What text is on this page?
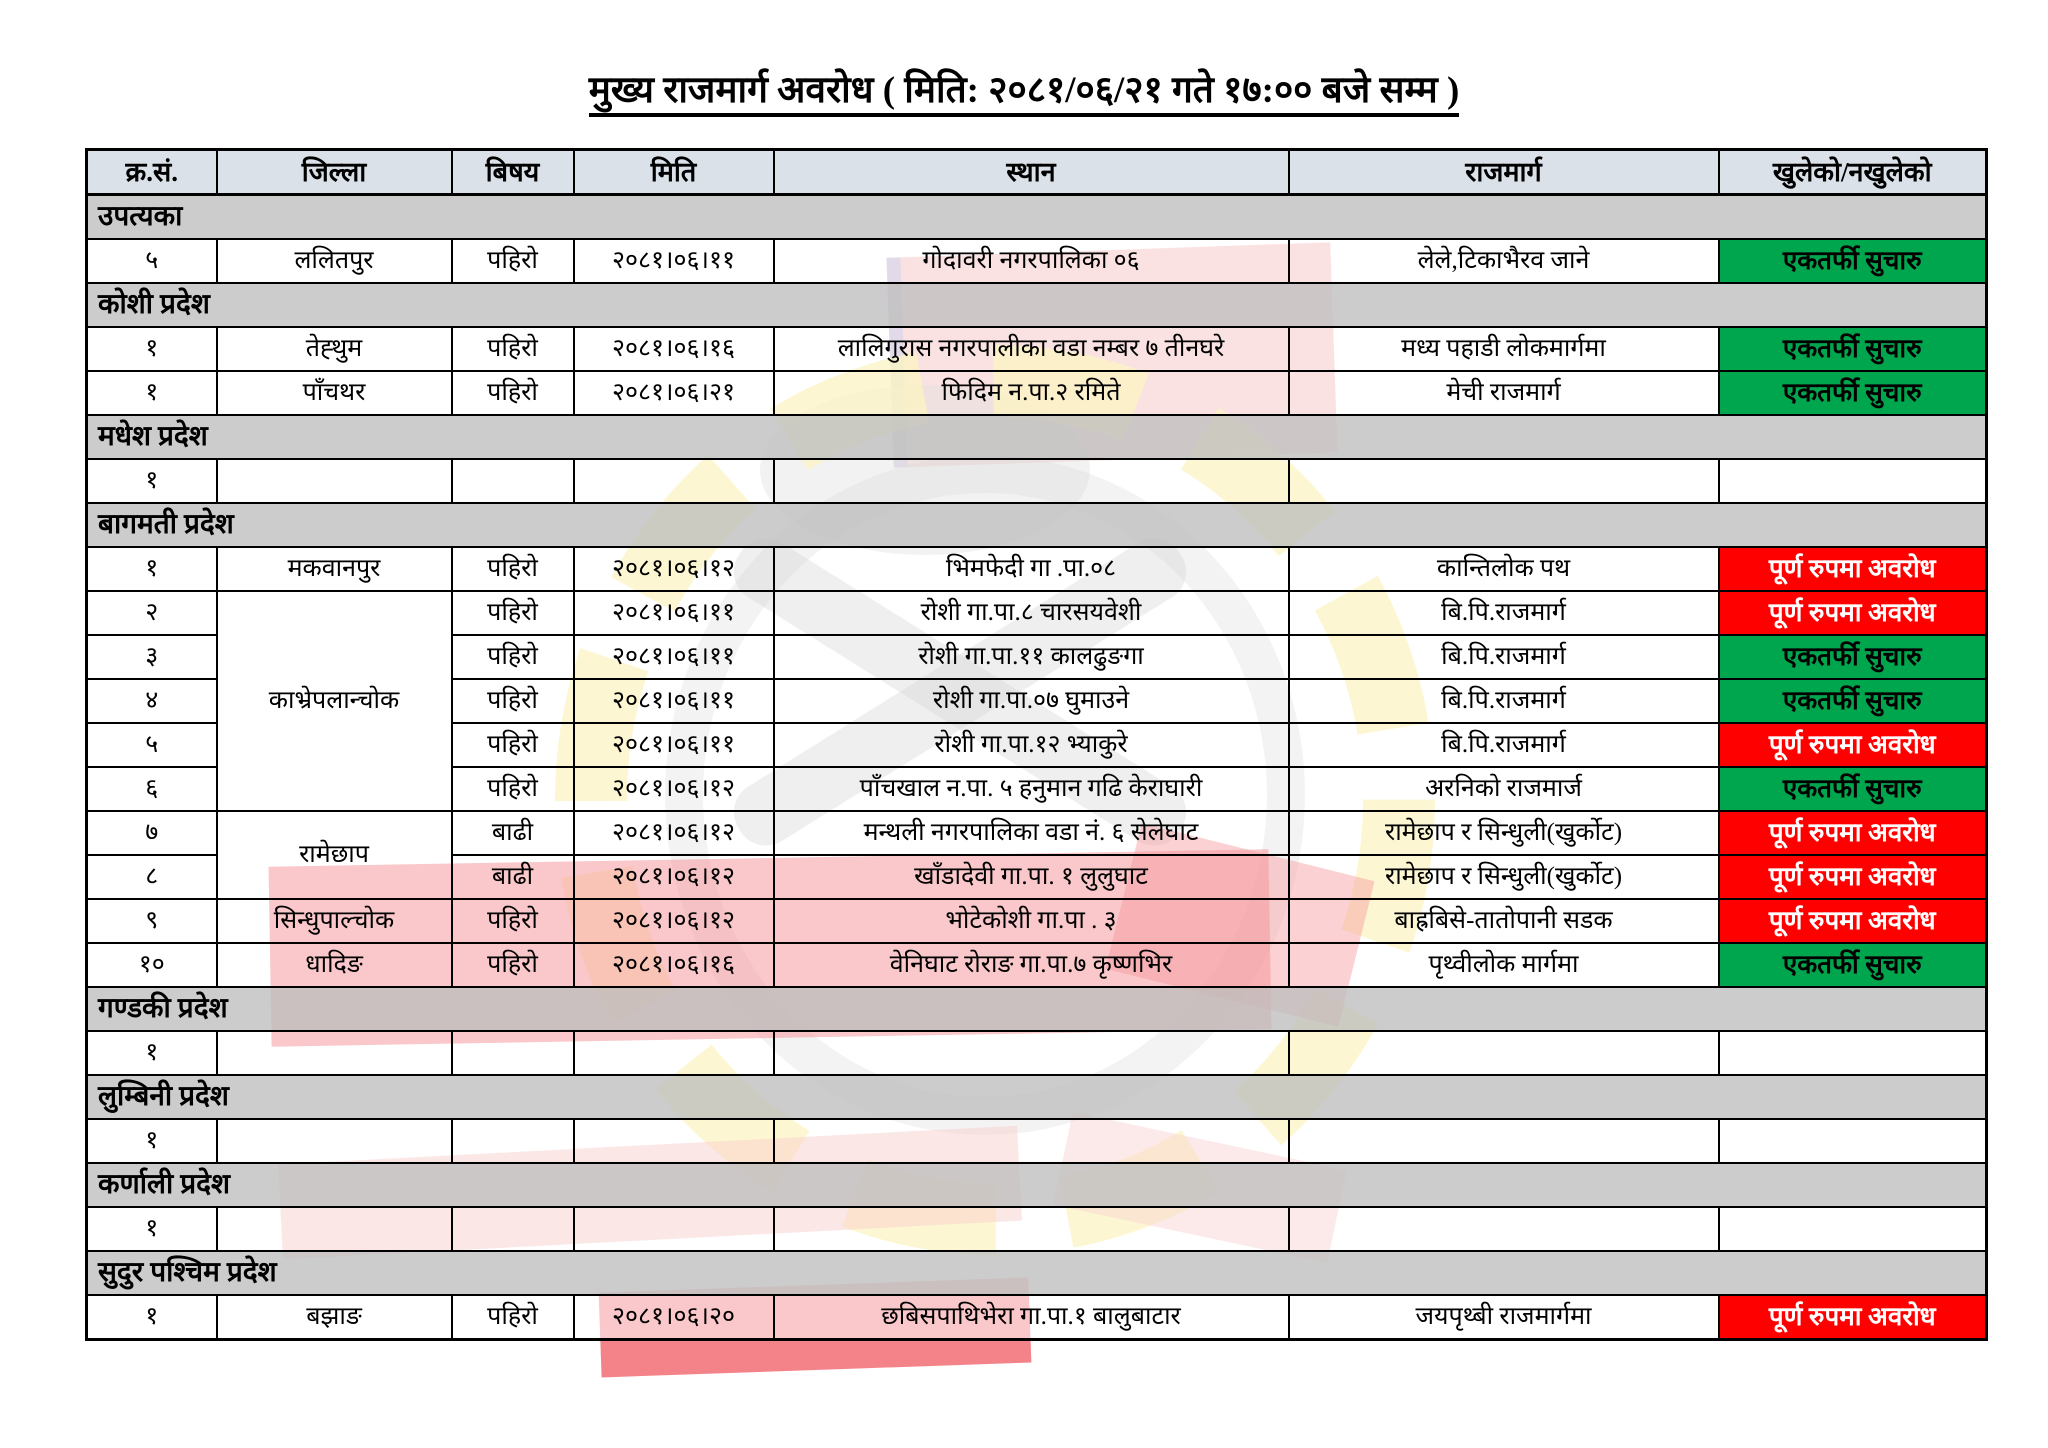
मुख्य राजमार्ग अवरोध ( मिति: २०८१/०६/२१ गते १७:०० बजे सम्म )
क्र.सं.	जिल्ला	बिषय	मिति	स्थान	राजमार्ग	खुलेको/नखुलेको
उपत्यका						
५	ललितपुर	पहिरो	२०८१।०६।११	गोदावरी नगरपालिका ०६	लेले,टिकाभैरव जाने	एकतर्फी सुचारु
कोशी प्रदेश						
१	तेह्थुम	पहिरो	२०८१।०६।१६	लालिगुरास नगरपालीका वडा नम्बर ७ तीनघरे	मध्य पहाडी लोकमार्गमा	एकतर्फी सुचारु
१	पाँचथर	पहिरो	२०८१।०६।२१	फिदिम न.पा.२ रमिते	मेची राजमार्ग	एकतर्फी सुचारु
मधेश प्रदेश						
१						
बागमती प्रदेश						
१	मकवानपुर	पहिरो	२०८१।०६।१२	भिमफेदी गा .पा.०८	कान्तिलोक पथ	पूर्ण रुपमा अवरोध
२	काभ्रेपलान्चोक	पहिरो	२०८१।०६।११	रोशी गा.पा.८ चारसयवेशी	बि.पि.राजमार्ग	पूर्ण रुपमा अवरोध
३		पहिरो	२०८१।०६।११	रोशी गा.पा.११ कालढुङगा	बि.पि.राजमार्ग	एकतर्फी सुचारु
४		पहिरो	२०८१।०६।११	रोशी गा.पा.०७ घुमाउने	बि.पि.राजमार्ग	एकतर्फी सुचारु
५		पहिरो	२०८१।०६।११	रोशी गा.पा.१२ भ्याकुरे	बि.पि.राजमार्ग	पूर्ण रुपमा अवरोध
६		पहिरो	२०८१।०६।१२	पाँचखाल न.पा. ५ हनुमान गढि केराघारी	अरनिको राजमार्ज	एकतर्फी सुचारु
७	रामेछाप	बाढी	२०८१।०६।१२	मन्थली नगरपालिका वडा नं. ६ सेलेघाट	रामेछाप र सिन्धुली(खुर्कोट)	पूर्ण रुपमा अवरोध
८		बाढी	२०८१।०६।१२	खाँडादेवी गा.पा. १ लुलुघाट	रामेछाप र सिन्धुली(खुर्कोट)	पूर्ण रुपमा अवरोध
९	सिन्धुपाल्चोक	पहिरो	२०८१।०६।१२	भोटेकोशी गा.पा . ३	बाह्रबिसे-तातोपानी सडक	पूर्ण रुपमा अवरोध
१०	धादिङ	पहिरो	२०८१।०६।१६	वेनिघाट रोराङ गा.पा.७ कृष्णभिर	पृथ्वीलोक मार्गमा	एकतर्फी सुचारु
गण्डकी प्रदेश						
१						
लुम्बिनी प्रदेश						
१						
कर्णाली प्रदेश						
१						
सुदुर पश्चिम प्रदेश						
१	बझाङ	पहिरो	२०८१।०६।२०	छबिसपाथिभेरा गा.पा.१ बालुबाटार	जयपृथ्बी राजमार्गमा	पूर्ण रुपमा अवरोध
